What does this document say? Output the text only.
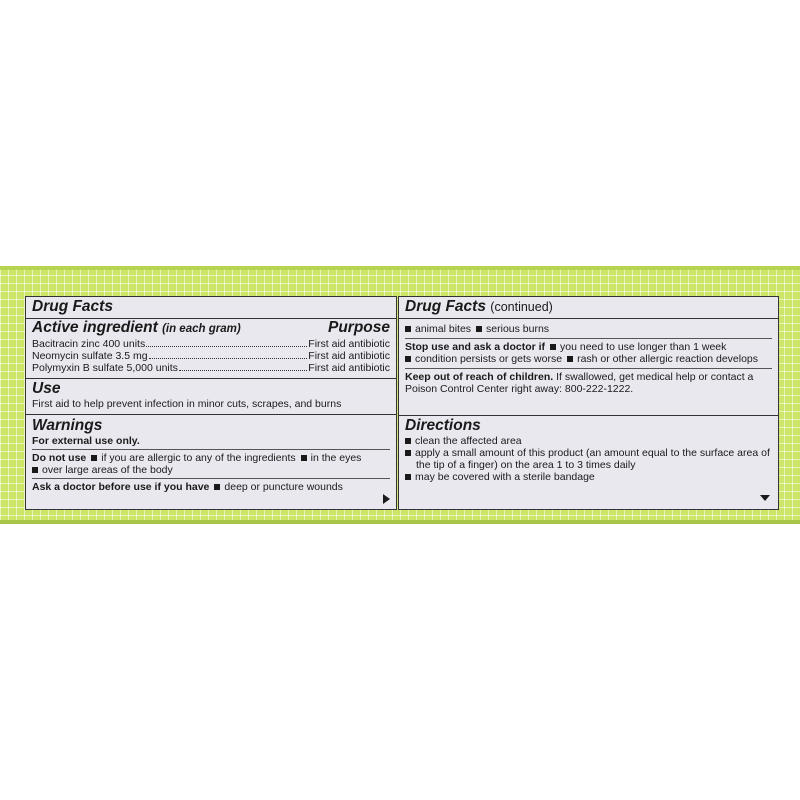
Drug Facts
Active ingredient (in each gram)	Purpose
Bacitracin zinc 400 units	First aid antibiotic
Neomycin sulfate 3.5 mg	First aid antibiotic
Polymyxin B sulfate 5,000 units	First aid antibiotic
Use
First aid to help prevent infection in minor cuts, scrapes, and burns
Warnings
For external use only.
Do not use if you are allergic to any of the ingredients in the eyes
over large areas of the body
Ask a doctor before use if you have deep or puncture wounds
Drug Facts (continued)
animal bites serious burns
Stop use and ask a doctor if you need to use longer than 1 week
condition persists or gets worse rash or other allergic reaction develops
Keep out of reach of children. If swallowed, get medical help or contact a Poison Control Center right away: 800-222-1222.
Directions
clean the affected area
apply a small amount of this product (an amount equal to the surface area of the tip of a finger) on the area 1 to 3 times daily
may be covered with a sterile bandage
